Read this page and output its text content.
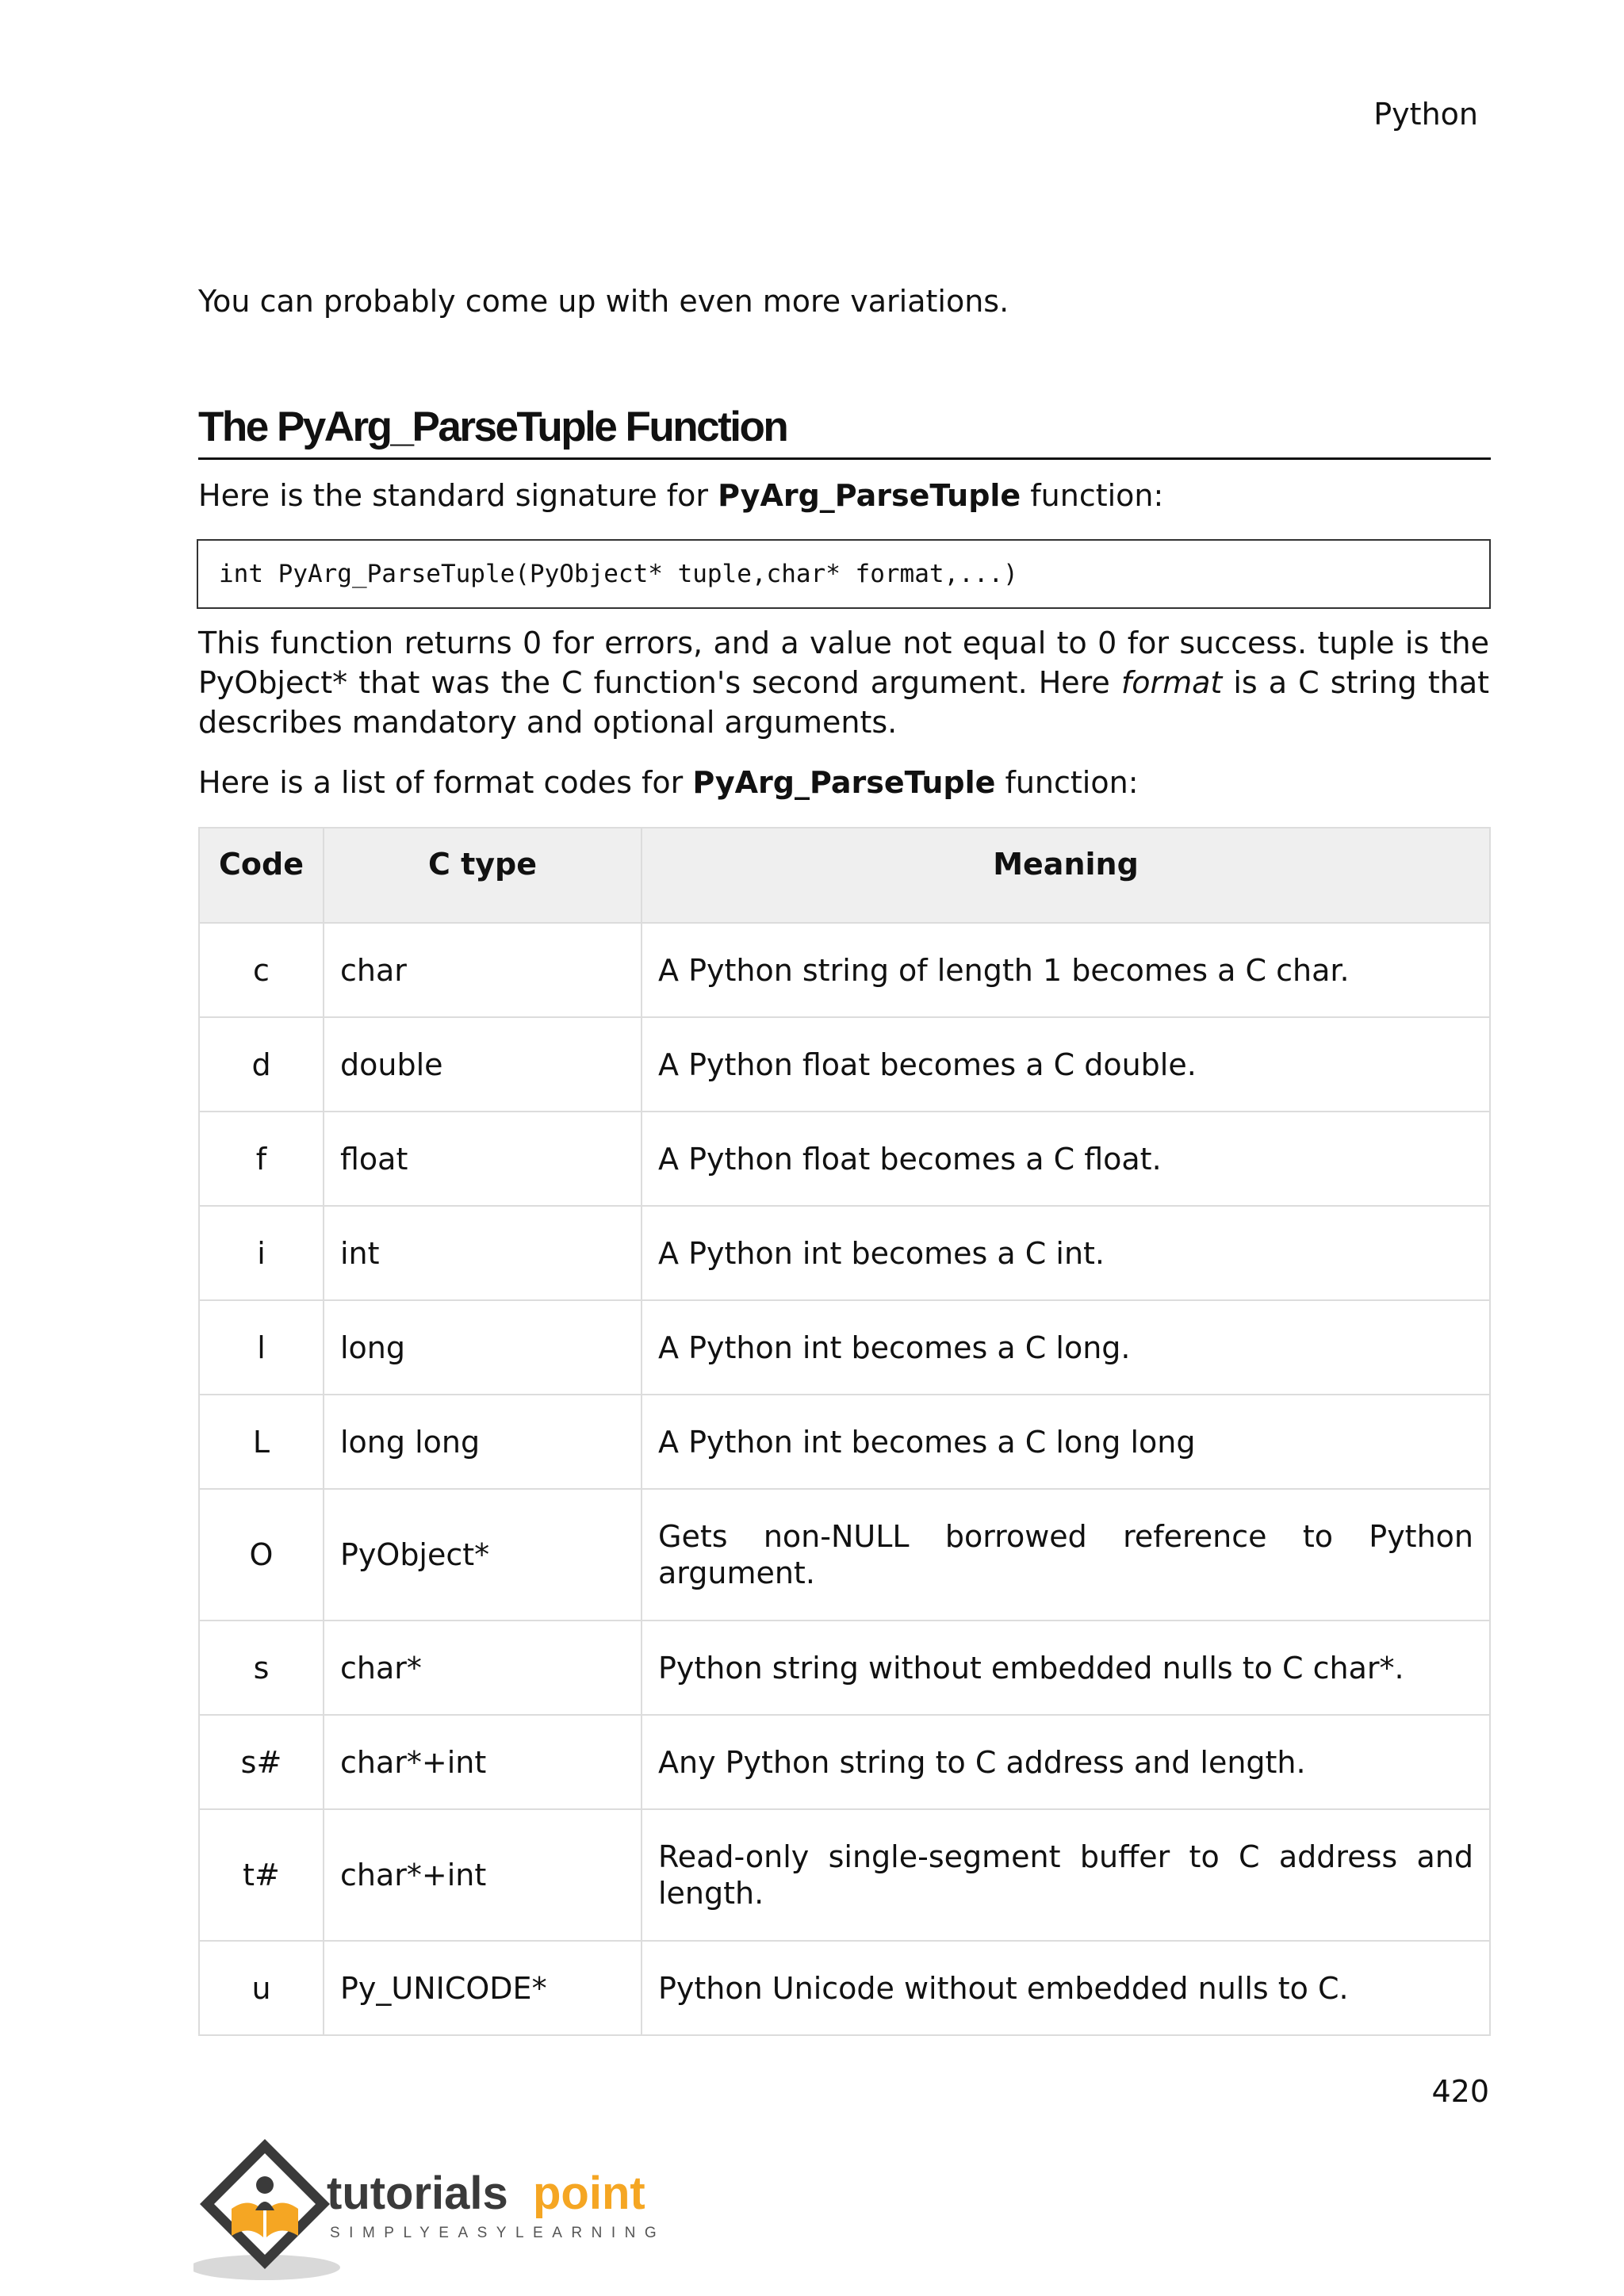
Python
You can probably come up with even more variations.
The PyArg_ParseTuple Function
Here is the standard signature for PyArg_ParseTuple function:
int PyArg_ParseTuple(PyObject* tuple,char* format,...)
This function returns 0 for errors, and a value not equal to 0 for success. tuple is the PyObject* that was the C function's second argument. Here format is a C string that describes mandatory and optional arguments.
Here is a list of format codes for PyArg_ParseTuple function:
Code	C type	Meaning
c	char	A Python string of length 1 becomes a C char.
d	double	A Python float becomes a C double.
f	float	A Python float becomes a C float.
i	int	A Python int becomes a C int.
l	long	A Python int becomes a C long.
L	long long	A Python int becomes a C long long
O	PyObject*	Gets non-NULL borrowed reference to Python argument.
s	char*	Python string without embedded nulls to C char*.
s#	char*+int	Any Python string to C address and length.
t#	char*+int	Read-only single-segment buffer to C address and length.
u	Py_UNICODE*	Python Unicode without embedded nulls to C.
420
tutorials point
SIMPLYEASYLEARNING
